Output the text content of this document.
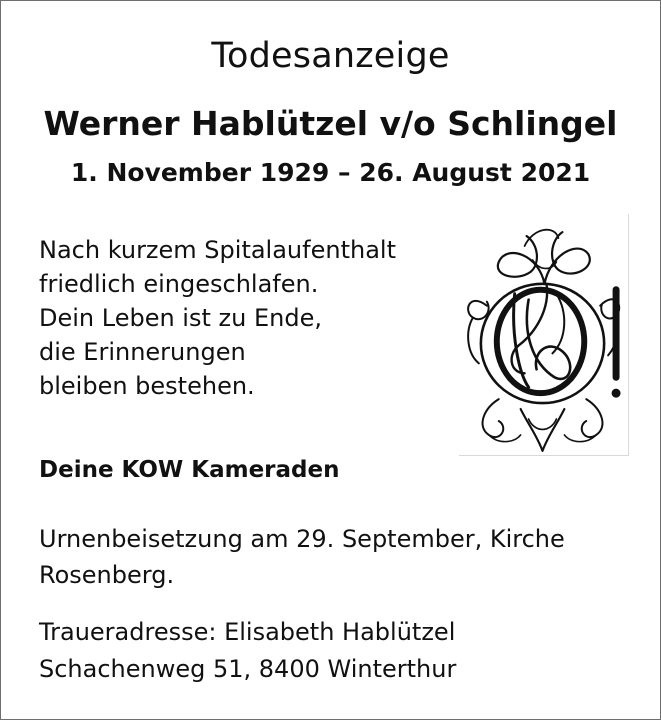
Todesanzeige
Werner Hablützel v/o Schlingel
1. November 1929 – 26. August 2021
Nach kurzem Spitalaufenthalt
friedlich eingeschlafen.
Dein Leben ist zu Ende,
die Erinnerungen
bleiben bestehen.
Deine KOW Kameraden
Urnenbeisetzung am 29. September, Kirche
Rosenberg.
Traueradresse: Elisabeth Hablützel
Schachenweg 51, 8400 Winterthur
